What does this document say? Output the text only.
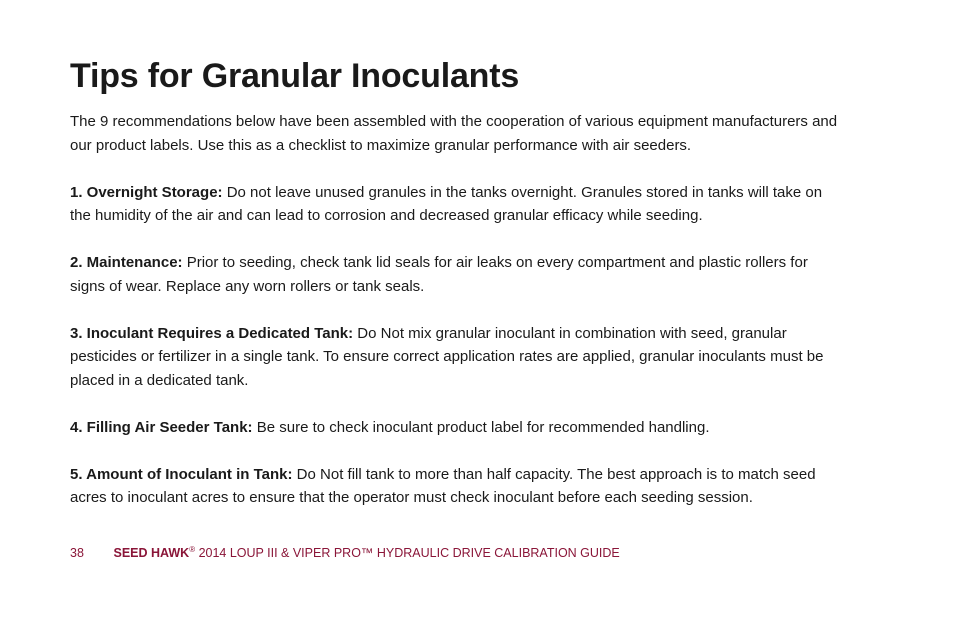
Tips for Granular Inoculants

The 9 recommendations below have been assembled with the cooperation of various equipment manufacturers and our product labels. Use this as a checklist to maximize granular performance with air seeders.

1. Overnight Storage: Do not leave unused granules in the tanks overnight. Granules stored in tanks will take on the humidity of the air and can lead to corrosion and decreased granular efficacy while seeding.

2. Maintenance: Prior to seeding, check tank lid seals for air leaks on every compartment and plastic rollers for signs of wear. Replace any worn rollers or tank seals.

3. Inoculant Requires a Dedicated Tank: Do Not mix granular inoculant in combination with seed, granular pesticides or fertilizer in a single tank. To ensure correct application rates are applied, granular inoculants must be placed in a dedicated tank.

4. Filling Air Seeder Tank: Be sure to check inoculant product label for recommended handling.

5. Amount of Inoculant in Tank: Do Not fill tank to more than half capacity. The best approach is to match seed acres to inoculant acres to ensure that the operator must check inoculant before each seeding session.

38 SEED HAWK® 2014 LOUP III & VIPER PRO™ HYDRAULIC DRIVE CALIBRATION GUIDE
